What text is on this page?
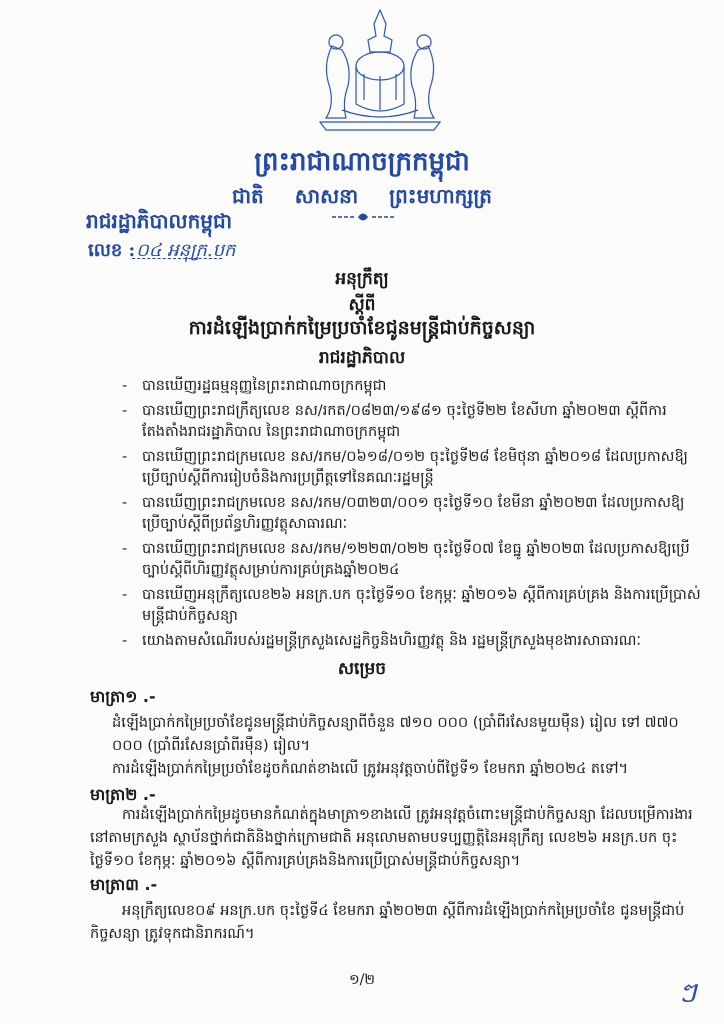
ព្រះរាជាណាចក្រកម្ពុជា
ជាតិ សាសនា ព្រះមហាក្សត្រ
រាជរដ្ឋាភិបាលកម្ពុជា
លេខ : ០៤ អនុក្រ.បក
អនុក្រឹត្យ
ស្តីពី
ការដំឡើងប្រាក់កម្រៃប្រចាំខែជូនមន្ត្រីជាប់កិច្ចសន្យា
រាជរដ្ឋាភិបាល
- បានឃើញរដ្ឋធម្មនុញ្ញនៃព្រះរាជាណាចក្រកម្ពុជា
- បានឃើញព្រះរាជក្រឹត្យលេខ នស/រកត/០៨២៣/១៩៨១ ចុះថ្ងៃទី២២ ខែសីហា ឆ្នាំ២០២៣ ស្តីពីការតែងតាំងរាជរដ្ឋាភិបាល នៃព្រះរាជាណាចក្រកម្ពុជា
- បានឃើញព្រះរាជក្រមលេខ នស/រកម/០៦១៨/០១២ ចុះថ្ងៃទី២៨ ខែមិថុនា ឆ្នាំ២០១៨ ដែលប្រកាសឱ្យប្រើច្បាប់ស្តីពីការរៀបចំនិងការប្រព្រឹត្តទៅនៃគណៈរដ្ឋមន្ត្រី
- បានឃើញព្រះរាជក្រមលេខ នស/រកម/០៣២៣/០០១ ចុះថ្ងៃទី១០ ខែមីនា ឆ្នាំ២០២៣ ដែលប្រកាសឱ្យប្រើច្បាប់ស្តីពីប្រព័ន្ធហិរញ្ញវត្ថុសាធារណៈ
- បានឃើញព្រះរាជក្រមលេខ នស/រកម/១២២៣/០២២ ចុះថ្ងៃទី០៧ ខែធ្នូ ឆ្នាំ២០២៣ ដែលប្រកាសឱ្យប្រើច្បាប់ស្តីពីហិរញ្ញវត្ថុសម្រាប់ការគ្រប់គ្រងឆ្នាំ២០២៤
- បានឃើញអនុក្រឹត្យលេខ២៦ អនក្រ.បក ចុះថ្ងៃទី១០ ខែកុម្ភៈ ឆ្នាំ២០១៦ ស្តីពីការគ្រប់គ្រង និងការប្រើប្រាស់មន្ត្រីជាប់កិច្ចសន្យា
- យោងតាមសំណើរបស់រដ្ឋមន្ត្រីក្រសួងសេដ្ឋកិច្ចនិងហិរញ្ញវត្ថុ និង រដ្ឋមន្ត្រីក្រសួងមុខងារសាធារណៈ
សម្រេច
មាត្រា១ .-
ដំឡើងប្រាក់កម្រៃប្រចាំខែជូនមន្ត្រីជាប់កិច្ចសន្យាពីចំនួន ៧១០ ០០០ (ប្រាំពីរសែនមួយម៉ឺន) រៀល ទៅ ៧៧០ ០០០ (ប្រាំពីរសែនប្រាំពីរម៉ឺន) រៀល។
ការដំឡើងប្រាក់កម្រៃប្រចាំខែដូចកំណត់ខាងលើ ត្រូវអនុវត្តចាប់ពីថ្ងៃទី១ ខែមករា ឆ្នាំ២០២៤ តទៅ។
មាត្រា២ .-
ការដំឡើងប្រាក់កម្រៃដូចមានកំណត់ក្នុងមាត្រា១ខាងលើ ត្រូវអនុវត្តចំពោះមន្ត្រីជាប់កិច្ចសន្យា ដែលបម្រើការងារនៅតាមក្រសួង ស្ថាប័នថ្នាក់ជាតិនិងថ្នាក់ក្រោមជាតិ អនុលោមតាមបទប្បញ្ញត្តិនៃអនុក្រឹត្យ លេខ២៦ អនក្រ.បក ចុះថ្ងៃទី១០ ខែកុម្ភៈ ឆ្នាំ២០១៦ ស្តីពីការគ្រប់គ្រងនិងការប្រើប្រាស់មន្ត្រីជាប់កិច្ចសន្យា។
មាត្រា៣ .-
អនុក្រឹត្យលេខ០៩ អនក្រ.បក ចុះថ្ងៃទី៤ ខែមករា ឆ្នាំ២០២៣ ស្តីពីការដំឡើងប្រាក់កម្រៃប្រចាំខែ ជូនមន្ត្រីជាប់កិច្ចសន្យា ត្រូវទុកជានិរាករណ៍។
១/២	ៗ
